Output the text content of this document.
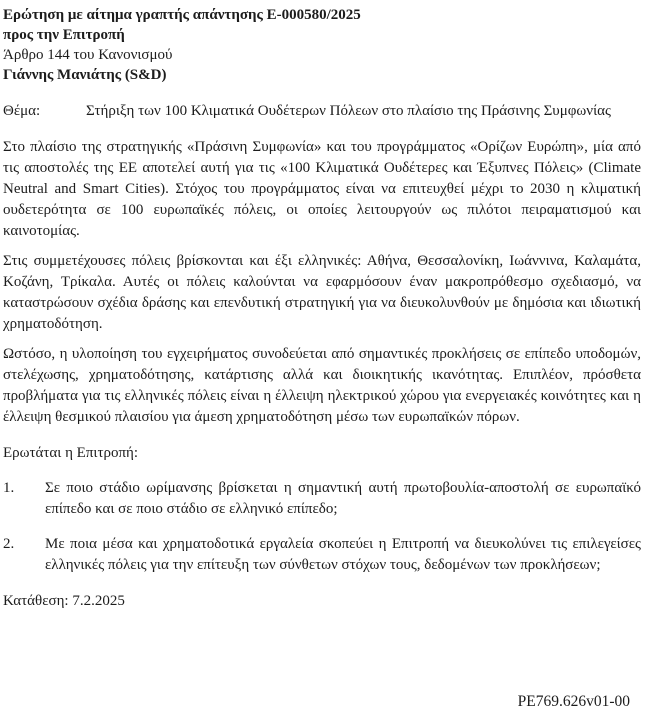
Ερώτηση με αίτημα γραπτής απάντησης E-000580/2025
προς την Επιτροπή
Άρθρο 144 του Κανονισμού
Γιάννης Μανιάτης (S&D)
Θέμα:	Στήριξη των 100 Κλιματικά Ουδέτερων Πόλεων στο πλαίσιο της Πράσινης Συμφωνίας
Στο πλαίσιο της στρατηγικής «Πράσινη Συμφωνία» και του προγράμματος «Ορίζων Ευρώπη», μία από τις αποστολές της ΕΕ αποτελεί αυτή για τις «100 Κλιματικά Ουδέτερες και Έξυπνες Πόλεις» (Climate Neutral and Smart Cities). Στόχος του προγράμματος είναι να επιτευχθεί μέχρι το 2030 η κλιματική ουδετερότητα σε 100 ευρωπαϊκές πόλεις, οι οποίες λειτουργούν ως πιλότοι πειραματισμού και καινοτομίας.
Στις συμμετέχουσες πόλεις βρίσκονται και έξι ελληνικές: Αθήνα, Θεσσαλονίκη, Ιωάννινα, Καλαμάτα, Κοζάνη, Τρίκαλα. Αυτές οι πόλεις καλούνται να εφαρμόσουν έναν μακροπρόθεσμο σχεδιασμό, να καταστρώσουν σχέδια δράσης και επενδυτική στρατηγική για να διευκολυνθούν με δημόσια και ιδιωτική χρηματοδότηση.
Ωστόσο, η υλοποίηση του εγχειρήματος συνοδεύεται από σημαντικές προκλήσεις σε επίπεδο υποδομών, στελέχωσης, χρηματοδότησης, κατάρτισης αλλά και διοικητικής ικανότητας. Επιπλέον, πρόσθετα προβλήματα για τις ελληνικές πόλεις είναι η έλλειψη ηλεκτρικού χώρου για ενεργειακές κοινότητες και η έλλειψη θεσμικού πλαισίου για άμεση χρηματοδότηση μέσω των ευρωπαϊκών πόρων.
Ερωτάται η Επιτροπή:
1.	Σε ποιο στάδιο ωρίμανσης βρίσκεται η σημαντική αυτή πρωτοβουλία-αποστολή σε ευρωπαϊκό επίπεδο και σε ποιο στάδιο σε ελληνικό επίπεδο;
2.	Με ποια μέσα και χρηματοδοτικά εργαλεία σκοπεύει η Επιτροπή να διευκολύνει τις επιλεγείσες ελληνικές πόλεις για την επίτευξη των σύνθετων στόχων τους, δεδομένων των προκλήσεων;
Κατάθεση: 7.2.2025
PE769.626v01-00
